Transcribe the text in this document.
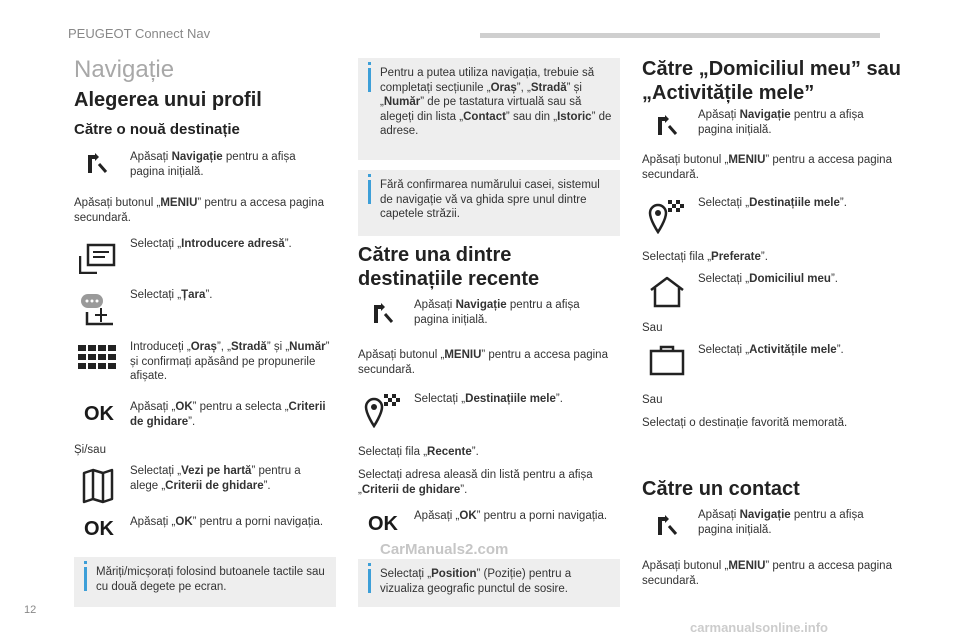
PEUGEOT Connect Nav
12
Navigație
Alegerea unui profil
Către o nouă destinație
Apăsați Navigație pentru a afișa pagina inițială.
Apăsați butonul „MENIU” pentru a accesa pagina secundară.
Selectați „Introducere adresă”.
Selectați „Țara”.
Introduceți „Oraș”, „Stradă” și „Număr” și confirmați apăsând pe propunerile afișate.
OK Apăsați „OK” pentru a selecta „Criterii de ghidare”.
Și/sau
Selectați „Vezi pe hartă” pentru a alege „Criterii de ghidare”.
OK Apăsați „OK” pentru a porni navigația.
Măriți/micșorați folosind butoanele tactile sau cu două degete pe ecran.
Pentru a putea utiliza navigația, trebuie să completați secțiunile „Oraș”, „Stradă” și „Număr” de pe tastatura virtuală sau să alegeți din lista „Contact” sau din „Istoric” de adrese.
Fără confirmarea numărului casei, sistemul de navigație vă va ghida spre unul dintre capetele străzii.
Către una dintre destinațiile recente
Apăsați Navigație pentru a afișa pagina inițială.
Apăsați butonul „MENIU” pentru a accesa pagina secundară.
Selectați „Destinațiile mele”.
Selectați fila „Recente”.
Selectați adresa aleasă din listă pentru a afișa „Criterii de ghidare”.
OK Apăsați „OK” pentru a porni navigația.
Selectați „Position” (Poziție) pentru a vizualiza geografic punctul de sosire.
Către „Domiciliul meu” sau „Activitățile mele”
Apăsați Navigație pentru a afișa pagina inițială.
Apăsați butonul „MENIU” pentru a accesa pagina secundară.
Selectați „Destinațiile mele”.
Selectați fila „Preferate”.
Selectați „Domiciliul meu”.
Sau
Selectați „Activitățile mele”.
Sau
Selectați o destinație favorită memorată.
Către un contact
Apăsați Navigație pentru a afișa pagina inițială.
Apăsați butonul „MENIU” pentru a accesa pagina secundară.
CarManuals2.com
carmanualsonline.info
